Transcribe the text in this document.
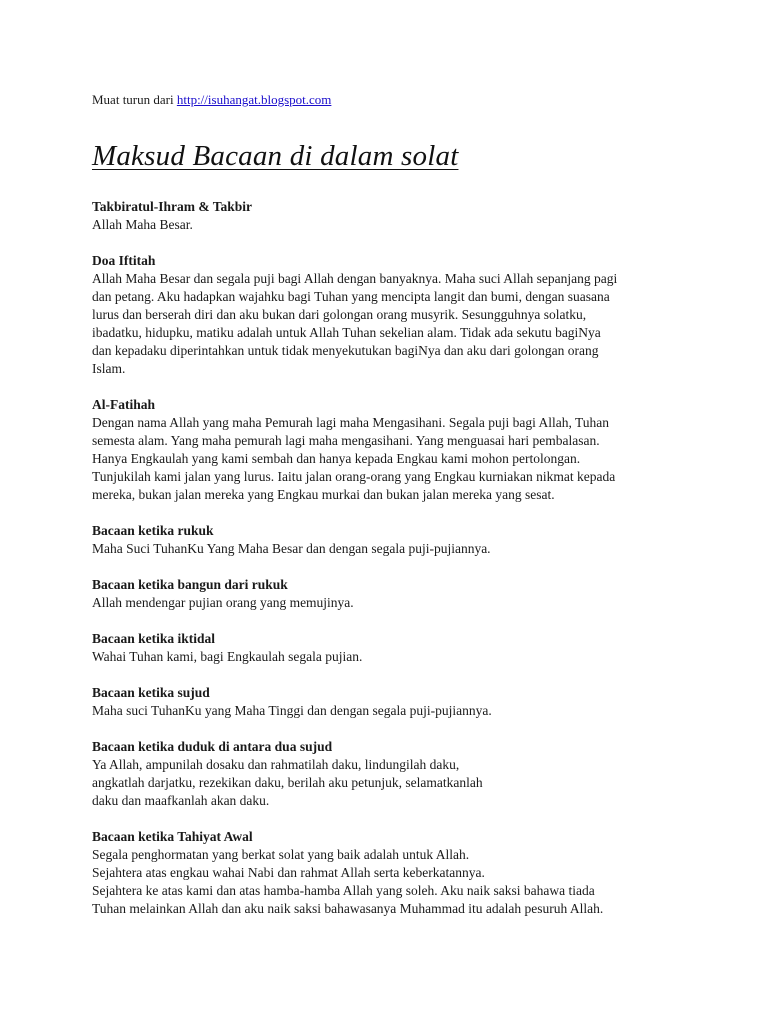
Muat turun dari http://isuhangat.blogspot.com

Maksud Bacaan di dalam solat

Takbiratul-Ihram & Takbir

Allah Maha Besar.

Doa Iftitah

Allah Maha Besar dan segala puji bagi Allah dengan banyaknya. Maha suci Allah sepanjang pagi
dan petang. Aku hadapkan wajahku bagi Tuhan yang mencipta langit dan bumi, dengan suasana
lurus dan berserah diri dan aku bukan dari golongan orang musyrik. Sesungguhnya solatku,
ibadatku, hidupku, matiku adalah untuk Allah Tuhan sekelian alam. Tidak ada sekutu bagiNya
dan kepadaku diperintahkan untuk tidak menyekutukan bagiNya dan aku dari golongan orang
Islam.

Al-Fatihah

Dengan nama Allah yang maha Pemurah lagi maha Mengasihani. Segala puji bagi Allah, Tuhan
semesta alam. Yang maha pemurah lagi maha mengasihani. Yang menguasai hari pembalasan.
Hanya Engkaulah yang kami sembah dan hanya kepada Engkau kami mohon pertolongan.
Tunjukilah kami jalan yang lurus. Iaitu jalan orang-orang yang Engkau kurniakan nikmat kepada
mereka, bukan jalan mereka yang Engkau murkai dan bukan jalan mereka yang sesat.

Bacaan ketika rukuk

Maha Suci TuhanKu Yang Maha Besar dan dengan segala puji-pujiannya.

Bacaan ketika bangun dari rukuk

Allah mendengar pujian orang yang memujinya.

Bacaan ketika iktidal

Wahai Tuhan kami, bagi Engkaulah segala pujian.

Bacaan ketika sujud

Maha suci TuhanKu yang Maha Tinggi dan dengan segala puji-pujiannya.

Bacaan ketika duduk di antara dua sujud

Ya Allah, ampunilah dosaku dan rahmatilah daku, lindungilah daku,
angkatlah darjatku, rezekikan daku, berilah aku petunjuk, selamatkanlah
daku dan maafkanlah akan daku.

Bacaan ketika Tahiyat Awal

Segala penghormatan yang berkat solat yang baik adalah untuk Allah.
Sejahtera atas engkau wahai Nabi dan rahmat Allah serta keberkatannya.
Sejahtera ke atas kami dan atas hamba-hamba Allah yang soleh. Aku naik saksi bahawa tiada
Tuhan melainkan Allah dan aku naik saksi bahawasanya Muhammad itu adalah pesuruh Allah.
